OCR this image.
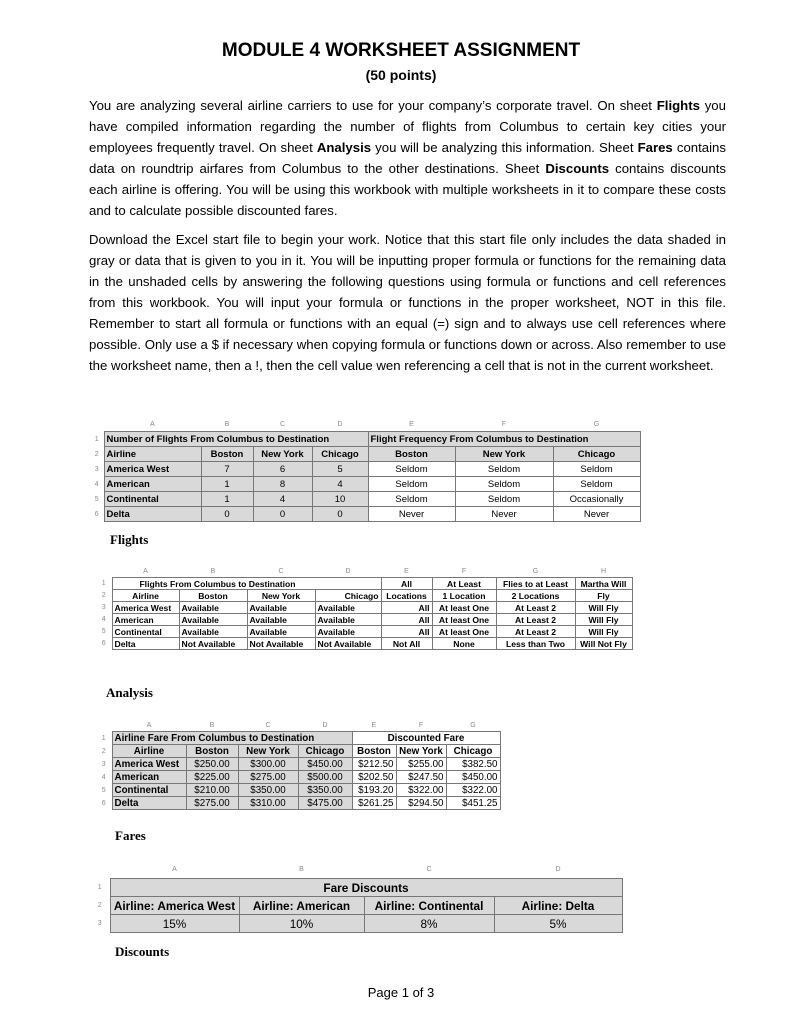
MODULE 4 WORKSHEET ASSIGNMENT
(50 points)

You are analyzing several airline carriers to use for your company’s corporate travel. On sheet Flights you have compiled information regarding the number of flights from Columbus to certain key cities your employees frequently travel. On sheet Analysis you will be analyzing this information. Sheet Fares contains data on roundtrip airfares from Columbus to the other destinations. Sheet Discounts contains discounts each airline is offering. You will be using this workbook with multiple worksheets in it to compare these costs and to calculate possible discounted fares.

Download the Excel start file to begin your work. Notice that this start file only includes the data shaded in gray or data that is given to you in it. You will be inputting proper formula or functions for the remaining data in the unshaded cells by answering the following questions using formula or functions and cell references from this workbook. You will input your formula or functions in the proper worksheet, NOT in this file. Remember to start all formula or functions with an equal (=) sign and to always use cell references where possible. Only use a $ if necessary when copying formula or functions down or across. Also remember to use the worksheet name, then a !, then the cell value wen referencing a cell that is not in the current worksheet.

	A	B	C	D	E	F	G
1	Number of Flights From Columbus to Destination				Flight Frequency From Columbus to Destination		
2	Airline	Boston	New York	Chicago	Boston	New York	Chicago
3	America West	7	6	5	Seldom	Seldom	Seldom
4	American	1	8	4	Seldom	Seldom	Seldom
5	Continental	1	4	10	Seldom	Seldom	Occasionally
6	Delta	0	0	0	Never	Never	Never
Flights
	A	B	C	D	E	F	G	H
1	Flights From Columbus to Destination				All	At Least	Flies to at Least	Martha Will
2	Airline	Boston	New York	Chicago	Locations	1 Location	2 Locations	Fly
3	America West	Available	Available	Available	All	At least One	At Least 2	Will Fly
4	American	Available	Available	Available	All	At least One	At Least 2	Will Fly
5	Continental	Available	Available	Available	All	At least One	At Least 2	Will Fly
6	Delta	Not Available	Not Available	Not Available	Not All	None	Less than Two	Will Not Fly
Analysis
	A	B	C	D	E	F	G
1	Airline Fare From Columbus to Destination				Discounted Fare		
2	Airline	Boston	New York	Chicago	Boston	New York	Chicago
3	America West	$250.00	$300.00	$450.00	$212.50	$255.00	$382.50
4	American	$225.00	$275.00	$500.00	$202.50	$247.50	$450.00
5	Continental	$210.00	$350.00	$350.00	$193.20	$322.00	$322.00
6	Delta	$275.00	$310.00	$475.00	$261.25	$294.50	$451.25
Fares
	A	B	C	D
1	Fare Discounts			
2	Airline: America West	Airline: American	Airline: Continental	Airline: Delta
3	15%	10%	8%	5%
Discounts
Page 1 of 3
